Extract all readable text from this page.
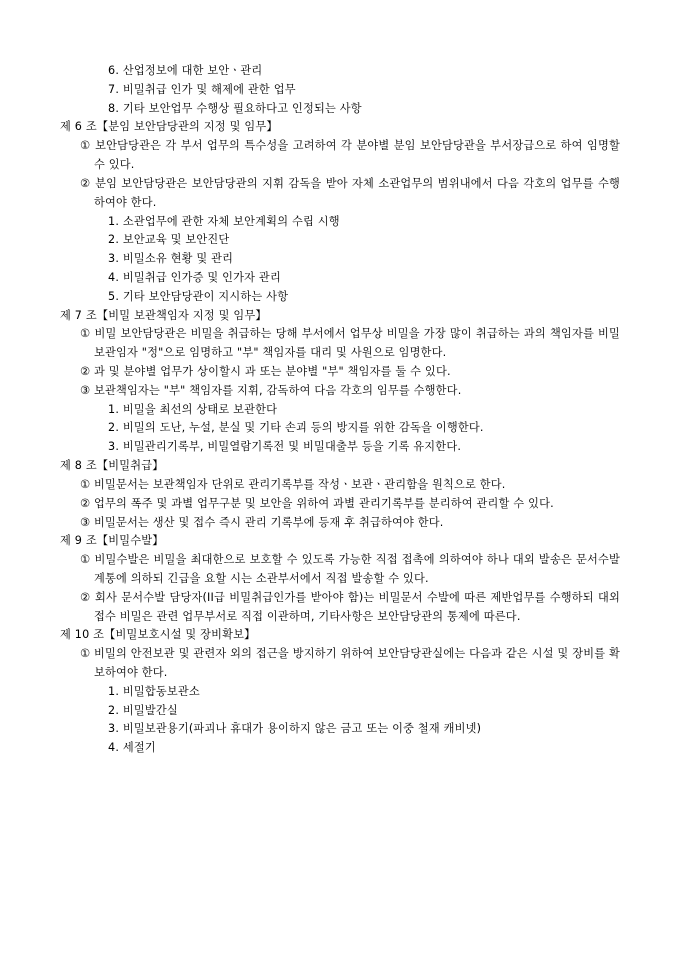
6. 산업정보에 대한 보안ㆍ관리
7. 비밀취급 인가 및 해제에 관한 업무
8. 기타 보안업무 수행상 필요하다고 인정되는 사항
제 6 조【분임 보안담당관의 지정 및 임무】
① 보안담당관은 각 부서 업무의 특수성을 고려하여 각 분야별 분임 보안담당관을 부서장급으로 하여 임명할 수 있다.
② 분임 보안담당관은 보안담당관의 지휘 감독을 받아 자체 소관업무의 범위내에서 다음 각호의 업무를 수행하여야 한다.
1. 소관업무에 관한 자체 보안계획의 수립 시행
2. 보안교육 및 보안진단
3. 비밀소유 현황 및 관리
4. 비밀취급 인가증 및 인가자 관리
5. 기타 보안담당관이 지시하는 사항
제 7 조【비밀 보관책임자 지정 및 임무】
① 비밀 보안담당관은 비밀을 취급하는 당해 부서에서 업무상 비밀을 가장 많이 취급하는 과의 책임자를 비밀보관임자 "정"으로 임명하고 "부" 책임자를 대리 및 사원으로 임명한다.
② 과 및 분야별 업무가 상이할시 과 또는 분야별 "부" 책임자를 둘 수 있다.
③ 보관책임자는 "부" 책임자를 지휘, 감독하여 다음 각호의 임무를 수행한다.
1. 비밀을 최선의 상태로 보관한다
2. 비밀의 도난, 누설, 분실 및 기타 손괴 등의 방지를 위한 감독을 이행한다.
3. 비밀관리기록부, 비밀열람기록전 및 비밀대출부 등을 기록 유지한다.
제 8 조【비밀취급】
① 비밀문서는 보관책임자 단위로 관리기록부를 작성ㆍ보관ㆍ관리함을 원칙으로 한다.
② 업무의 폭주 및 과별 업무구분 및 보안을 위하여 과별 관리기록부를 분리하여 관리할 수 있다.
③ 비밀문서는 생산 및 접수 즉시 관리 기록부에 등재 후 취급하여야 한다.
제 9 조【비밀수발】
① 비밀수발은 비밀을 최대한으로 보호할 수 있도록 가능한 직접 접촉에 의하여야 하나 대외 발송은 문서수발 계통에 의하되 긴급을 요할 시는 소관부서에서 직접 발송할 수 있다.
② 회사 문서수발 담당자(II급 비밀취급인가를 받아야 함)는 비밀문서 수발에 따른 제반업무를 수행하되 대외 접수 비밀은 관련 업무부서로 직접 이관하며, 기타사항은 보안담당관의 통제에 따른다.
제 10 조【비밀보호시설 및 장비확보】
① 비밀의 안전보관 및 관련자 외의 접근을 방지하기 위하여 보안담당관실에는 다음과 같은 시설 및 장비를 확보하여야 한다.
1. 비밀합동보관소
2. 비밀발간실
3. 비밀보관용기(파괴나 휴대가 용이하지 않은 금고 또는 이중 철재 캐비넷)
4. 세절기
